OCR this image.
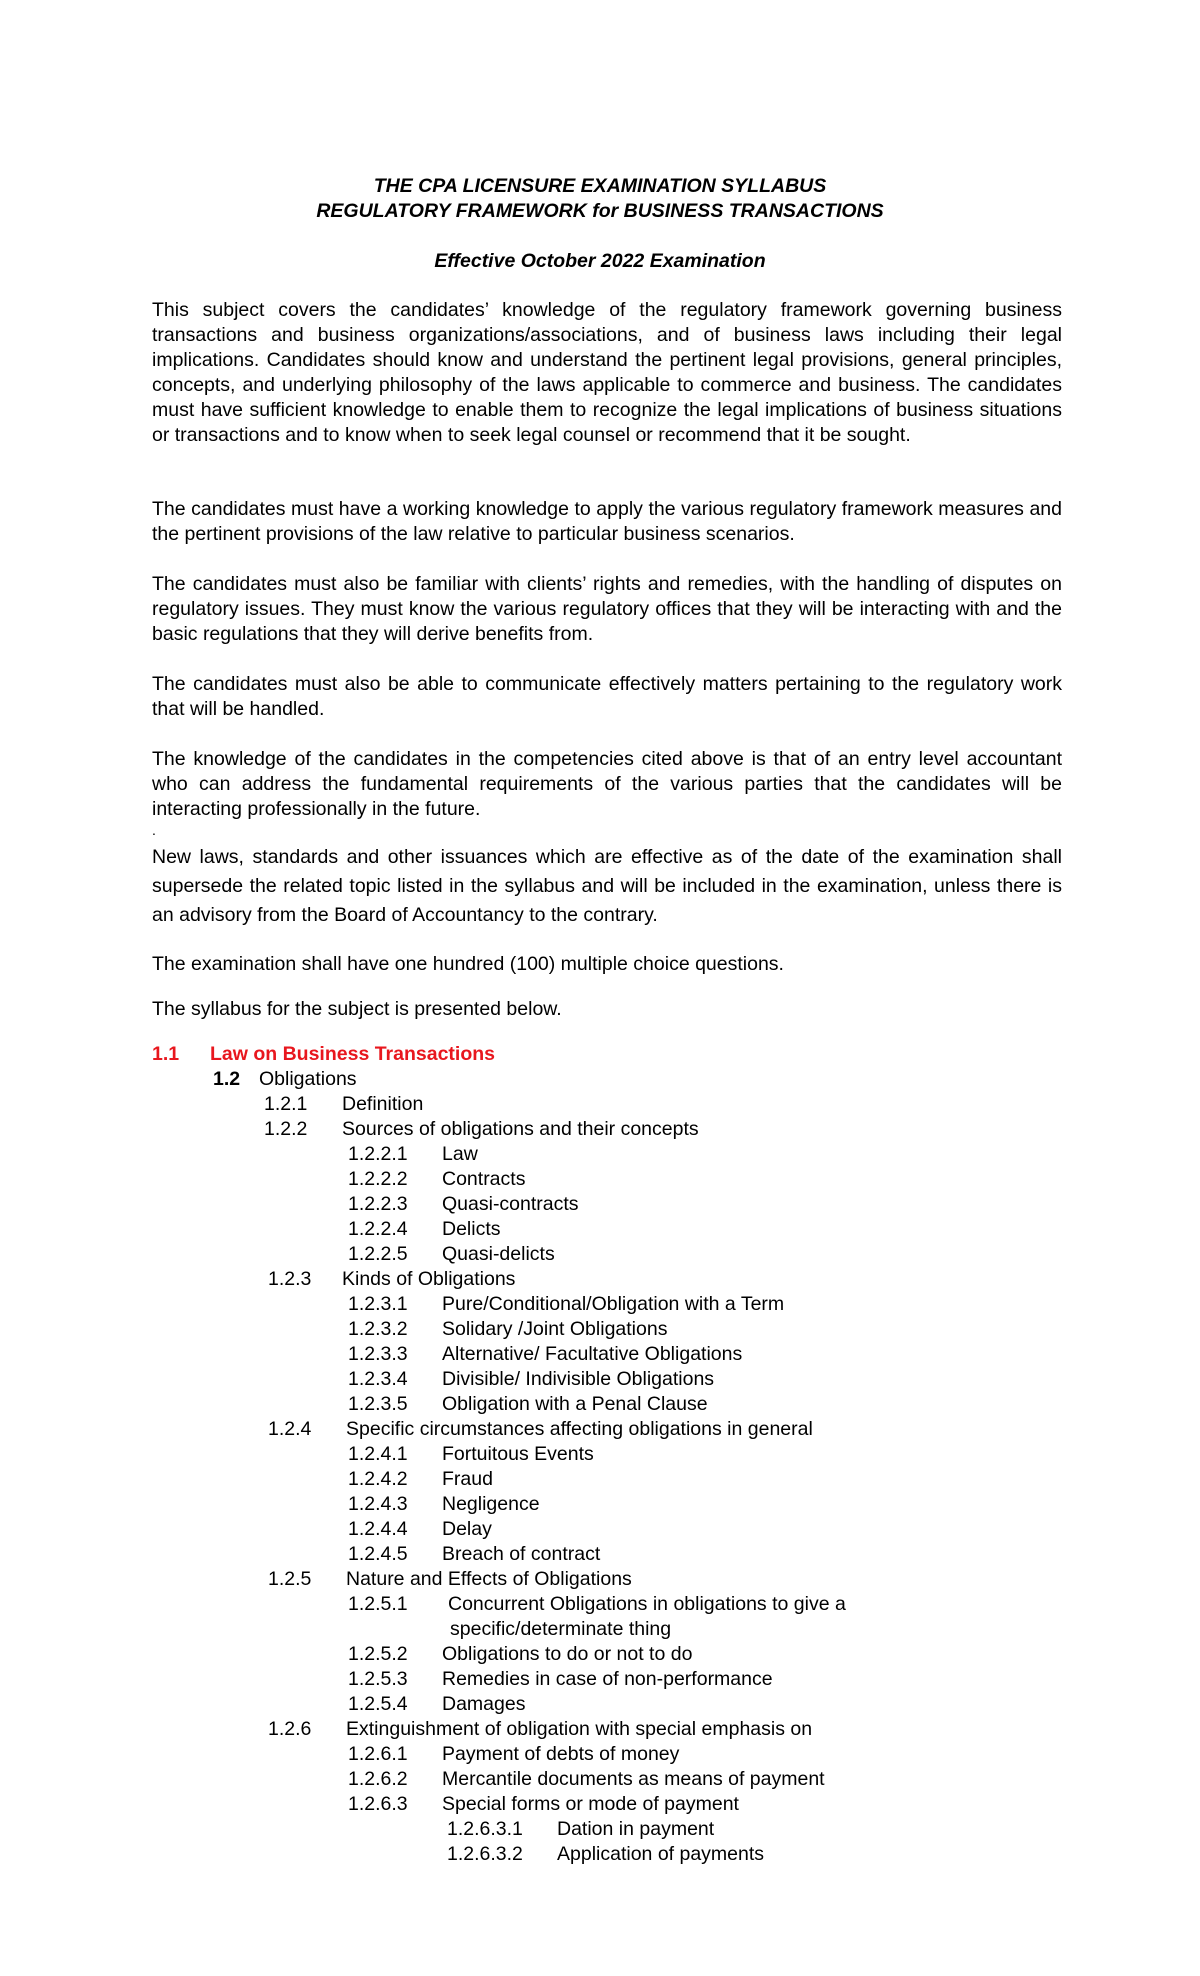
THE CPA LICENSURE EXAMINATION SYLLABUS
REGULATORY FRAMEWORK for BUSINESS TRANSACTIONS
Effective October 2022 Examination

This subject covers the candidates’ knowledge of the regulatory framework governing business transactions and business organizations/associations, and of business laws including their legal implications. Candidates should know and understand the pertinent legal provisions, general principles, concepts, and underlying philosophy of the laws applicable to commerce and business. The candidates must have sufficient knowledge to enable them to recognize the legal implications of business situations or transactions and to know when to seek legal counsel or recommend that it be sought.

The candidates must have a working knowledge to apply the various regulatory framework measures and the pertinent provisions of the law relative to particular business scenarios.

The candidates must also be familiar with clients’ rights and remedies, with the handling of disputes on regulatory issues. They must know the various regulatory offices that they will be interacting with and the basic regulations that they will derive benefits from.

The candidates must also be able to communicate effectively matters pertaining to the regulatory work that will be handled.

The knowledge of the candidates in the competencies cited above is that of an entry level accountant who can address the fundamental requirements of the various parties that the candidates will be interacting professionally in the future.

.

New laws, standards and other issuances which are effective as of the date of the examination shall supersede the related topic listed in the syllabus and will be included in the examination, unless there is an advisory from the Board of Accountancy to the contrary.

The examination shall have one hundred (100) multiple choice questions.

The syllabus for the subject is presented below.

1.1 Law on Business Transactions
1.2 Obligations
1.2.1 Definition
1.2.2 Sources of obligations and their concepts
1.2.2.1 Law
1.2.2.2 Contracts
1.2.2.3 Quasi-contracts
1.2.2.4 Delicts
1.2.2.5 Quasi-delicts
1.2.3 Kinds of Obligations
1.2.3.1 Pure/Conditional/Obligation with a Term
1.2.3.2 Solidary /Joint Obligations
1.2.3.3 Alternative/ Facultative Obligations
1.2.3.4 Divisible/ Indivisible Obligations
1.2.3.5 Obligation with a Penal Clause
1.2.4 Specific circumstances affecting obligations in general
1.2.4.1 Fortuitous Events
1.2.4.2 Fraud
1.2.4.3 Negligence
1.2.4.4 Delay
1.2.4.5 Breach of contract
1.2.5 Nature and Effects of Obligations
1.2.5.1 Concurrent Obligations in obligations to give a
specific/determinate thing
1.2.5.2 Obligations to do or not to do
1.2.5.3 Remedies in case of non-performance
1.2.5.4 Damages
1.2.6 Extinguishment of obligation with special emphasis on
1.2.6.1 Payment of debts of money
1.2.6.2 Mercantile documents as means of payment
1.2.6.3 Special forms or mode of payment
1.2.6.3.1 Dation in payment
1.2.6.3.2 Application of payments
